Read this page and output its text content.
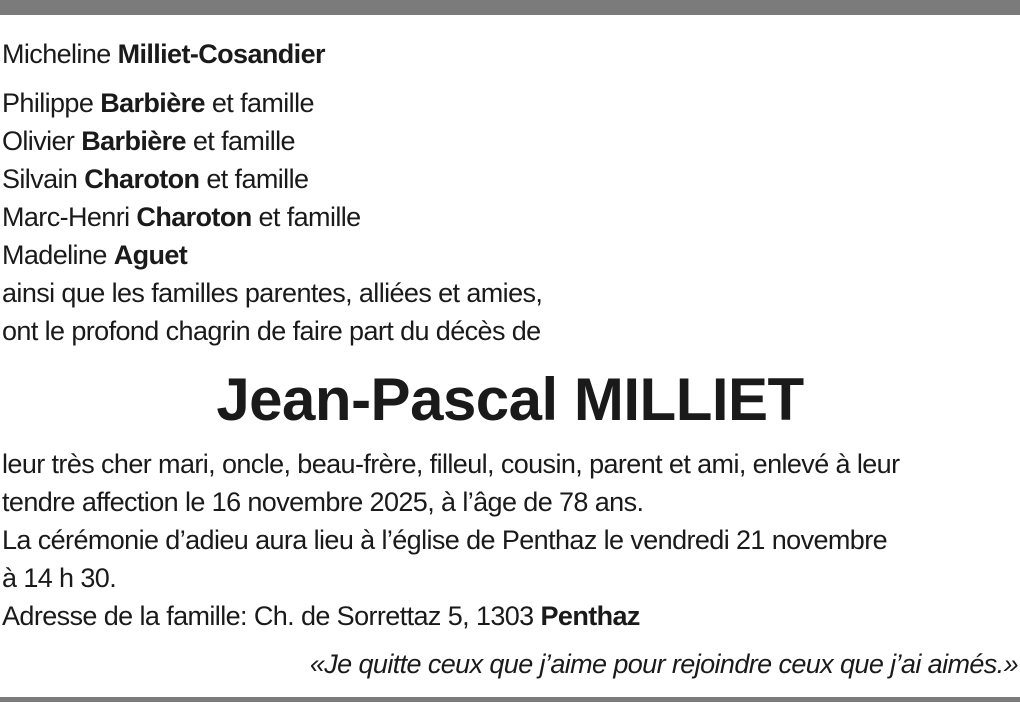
Micheline Milliet-Cosandier
Philippe Barbière et famille
Olivier Barbière et famille
Silvain Charoton et famille
Marc-Henri Charoton et famille
Madeline Aguet
ainsi que les familles parentes, alliées et amies,
ont le profond chagrin de faire part du décès de
Jean-Pascal MILLIET
leur très cher mari, oncle, beau-frère, filleul, cousin, parent et ami, enlevé à leur
tendre affection le 16 novembre 2025, à l’âge de 78 ans.
La cérémonie d’adieu aura lieu à l’église de Penthaz le vendredi 21 novembre
à 14 h 30.
Adresse de la famille: Ch. de Sorrettaz 5, 1303 Penthaz
«Je quitte ceux que j’aime pour rejoindre ceux que j’ai aimés.»
